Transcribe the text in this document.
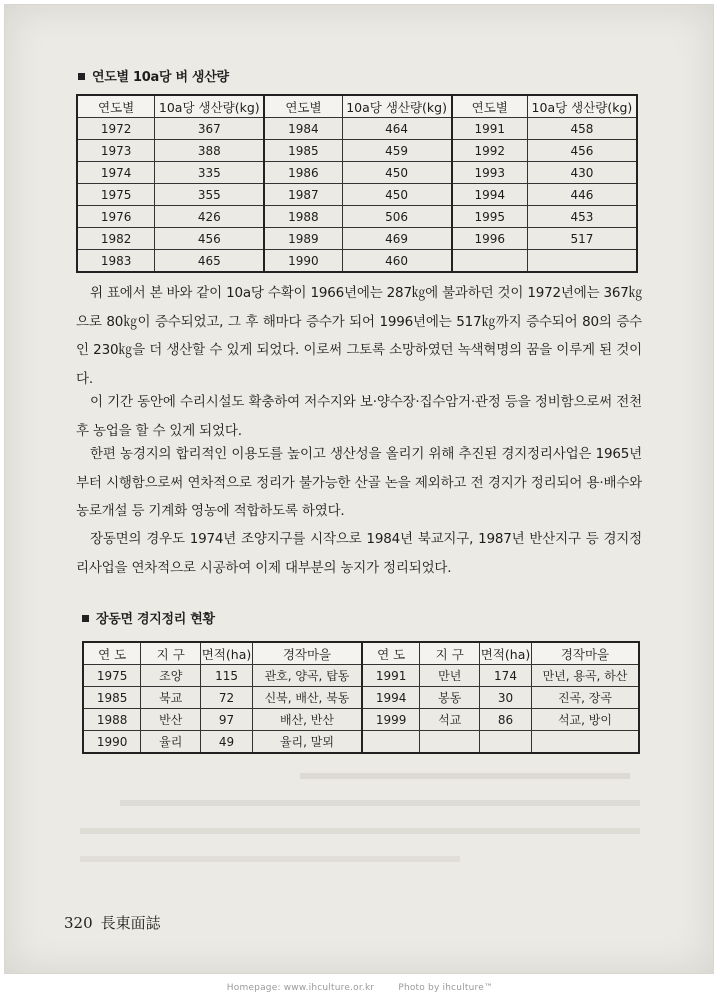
연도별 10a당 벼 생산량
연도별	10a당 생산량(kg)	연도별	10a당 생산량(kg)	연도별	10a당 생산량(kg)
1972	367	1984	464	1991	458
1973	388	1985	459	1992	456
1974	335	1986	450	1993	430
1975	355	1987	450	1994	446
1976	426	1988	506	1995	453
1982	456	1989	469	1996	517
1983	465	1990	460		
위 표에서 본 바와 같이 10a당 수확이 1966년에는 287㎏에 불과하던 것이 1972년에는 367㎏으로 80㎏이 증수되었고, 그 후 해마다 증수가 되어 1996년에는 517㎏까지 증수되어 80의 증수인 230㎏을 더 생산할 수 있게 되었다. 이로써 그토록 소망하였던 녹색혁명의 꿈을 이루게 된 것이다.
이 기간 동안에 수리시설도 확충하여 저수지와 보·양수장·집수암거·관정 등을 정비함으로써 전천후 농업을 할 수 있게 되었다.
한편 농경지의 합리적인 이용도를 높이고 생산성을 올리기 위해 추진된 경지정리사업은 1965년부터 시행함으로써 연차적으로 정리가 불가능한 산골 논을 제외하고 전 경지가 정리되어 용·배수와 농로개설 등 기계화 영농에 적합하도록 하였다.
장동면의 경우도 1974년 조양지구를 시작으로 1984년 북교지구, 1987년 반산지구 등 경지정리사업을 연차적으로 시공하여 이제 대부분의 농지가 정리되었다.
장동면 경지정리 현황
연 도	지 구	면적(ha)	경작마을	연 도	지 구	면적(ha)	경작마을
1975	조양	115	관호, 양곡, 탑동	1991	만년	174	만년, 용곡, 하산
1985	북교	72	신북, 배산, 북동	1994	봉동	30	진곡, 장곡
1988	반산	97	배산, 반산	1999	석교	86	석교, 방이
1990	율리	49	율리, 말뫼				
320 長東面誌
Homepage: www.ihculture.or.kr	Photo by ihculture™
